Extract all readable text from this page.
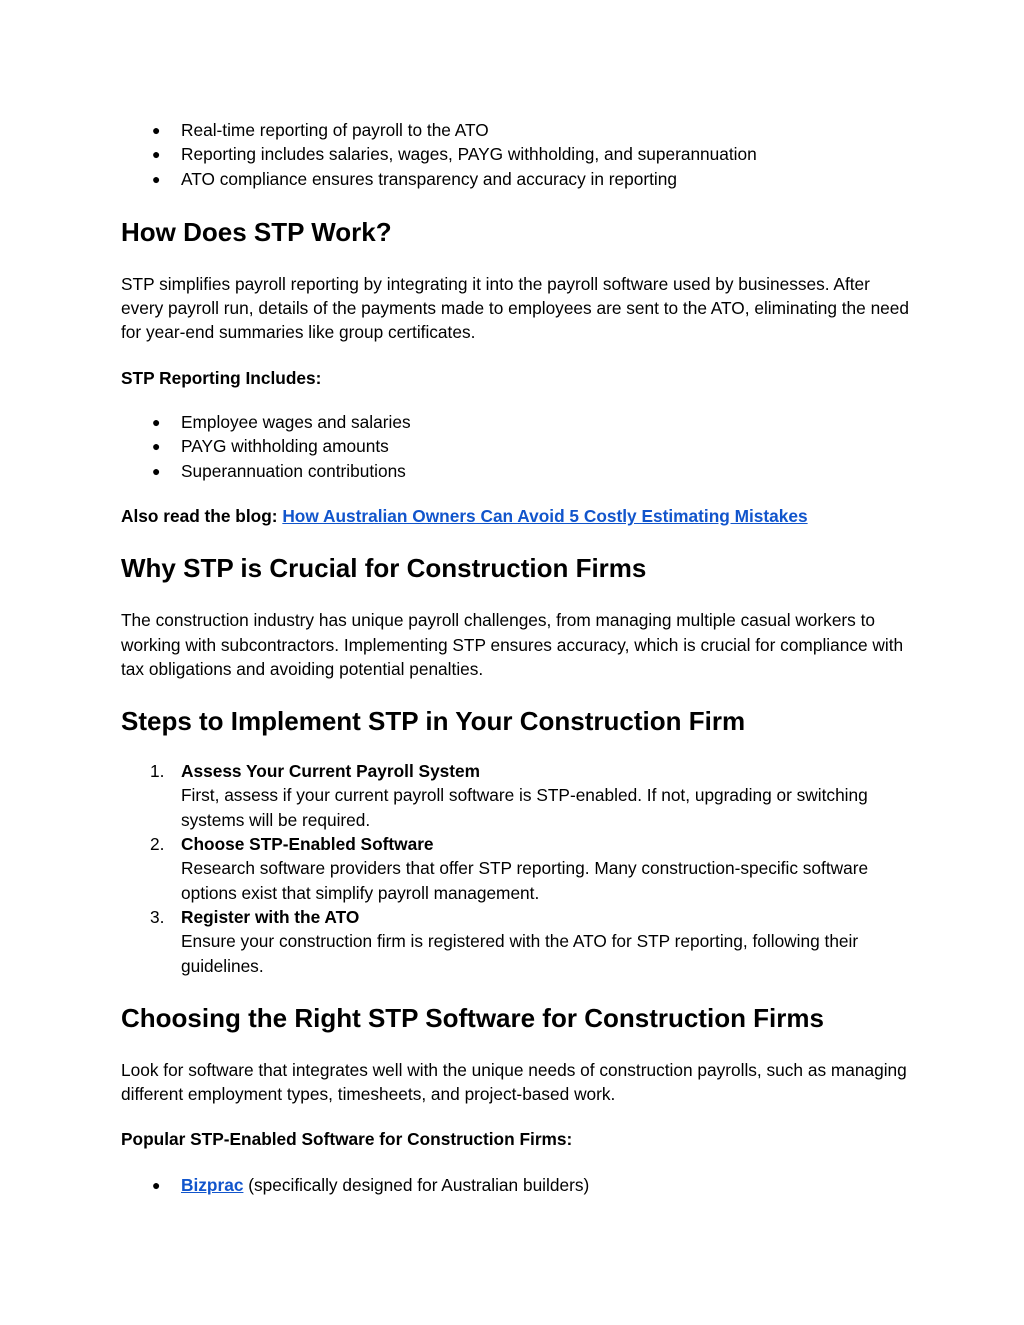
● Real-time reporting of payroll to the ATO
● Reporting includes salaries, wages, PAYG withholding, and superannuation
● ATO compliance ensures transparency and accuracy in reporting
How Does STP Work?

STP simplifies payroll reporting by integrating it into the payroll software used by businesses. After every payroll run, details of the payments made to employees are sent to the ATO, eliminating the need for year-end summaries like group certificates.

STP Reporting Includes:

● Employee wages and salaries
● PAYG withholding amounts
● Superannuation contributions

Also read the blog: How Australian Owners Can Avoid 5 Costly Estimating Mistakes

Why STP is Crucial for Construction Firms

The construction industry has unique payroll challenges, from managing multiple casual workers to working with subcontractors. Implementing STP ensures accuracy, which is crucial for compliance with tax obligations and avoiding potential penalties.

Steps to Implement STP in Your Construction Firm
1. Assess Your Current Payroll System
First, assess if your current payroll software is STP-enabled. If not, upgrading or switching systems will be required.
2. Choose STP-Enabled Software
Research software providers that offer STP reporting. Many construction-specific software options exist that simplify payroll management.
3. Register with the ATO
Ensure your construction firm is registered with the ATO for STP reporting, following their guidelines.
Choosing the Right STP Software for Construction Firms

Look for software that integrates well with the unique needs of construction payrolls, such as managing different employment types, timesheets, and project-based work.

Popular STP-Enabled Software for Construction Firms:

● Bizprac (specifically designed for Australian builders)
